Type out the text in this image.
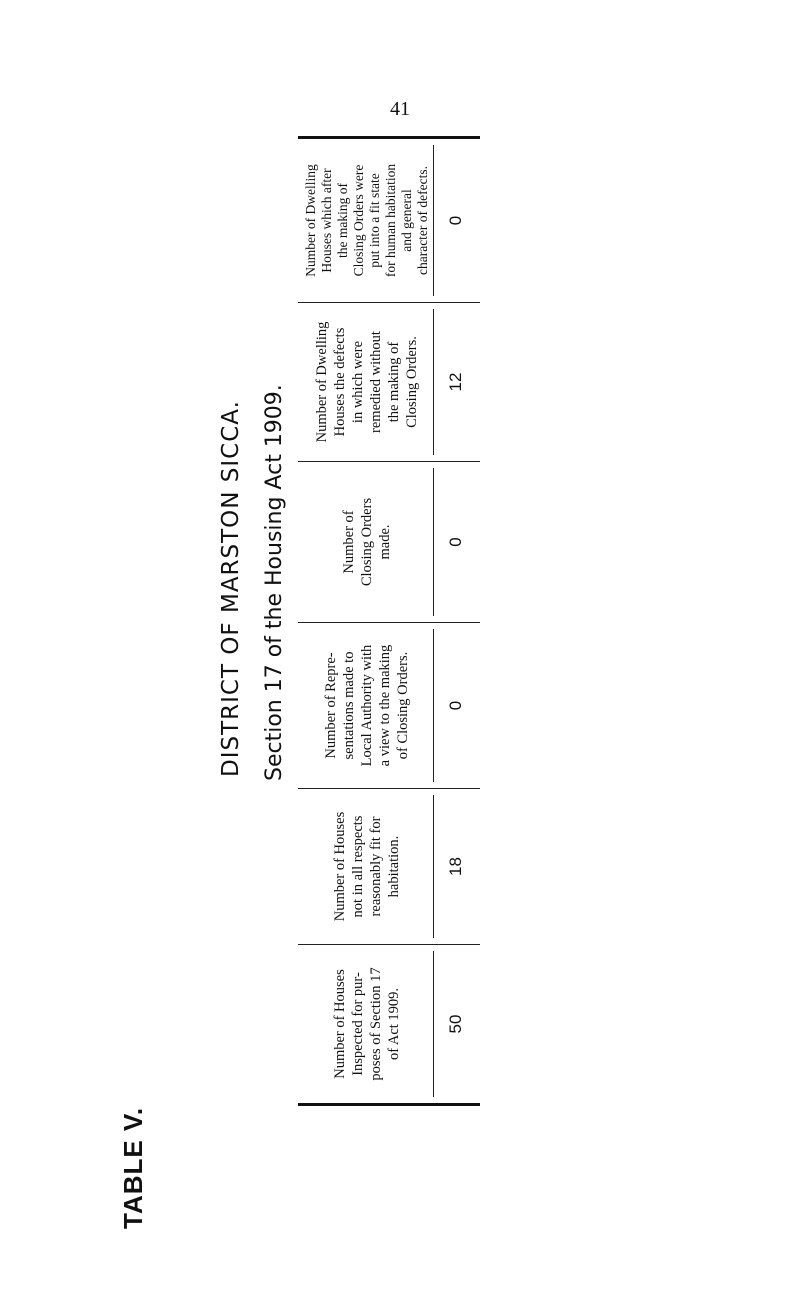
41
TABLE V.
DISTRICT OF MARSTON SICCA. Section 17 of the Housing Act 1909.
Number of Houses Inspected for pur- poses of Section 17 of Act 1909.	50
Number of Houses not in all respects reasonably fit for habitation.	18
Number of Repre- sentations made to Local Authority with a view to the making of Closing Orders.	0
Number of Closing Orders made.	0
Number of Dwelling Houses the defects in which were remedied without the making of Closing Orders.	12
Number of Dwelling Houses which after the making of Closing Orders were put into a fit state for human habitation and general character of defects. 0
